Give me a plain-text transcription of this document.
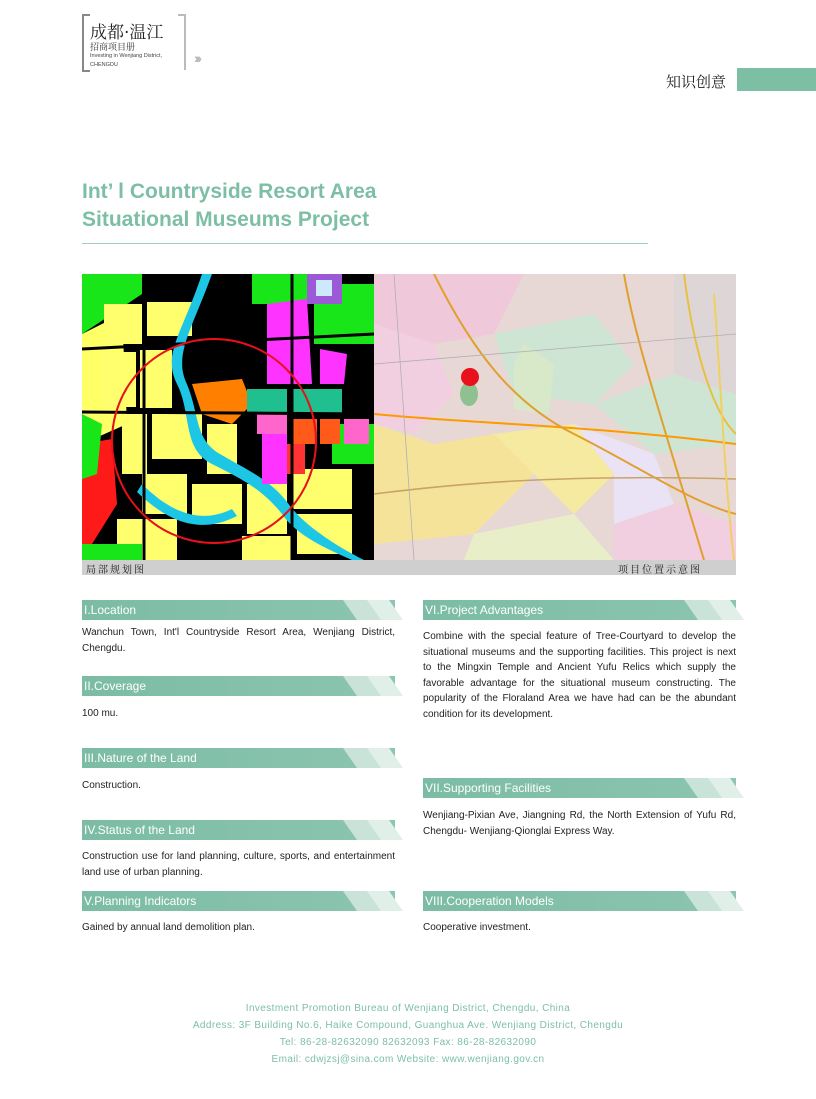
成都·温江
招商项目册
Investing in Wenjiang District,
CHENGDU	›››
知识创意
Int’ l Countryside Resort Area
Situational Museums Project
局部规划图	项目位置示意图
I.Location
Wanchun Town, Int'l Countryside Resort Area, Wenjiang District, Chengdu.
II.Coverage
100 mu.
III.Nature of the Land
Construction.
IV.Status of the Land
Construction use for land planning, culture, sports, and entertainment land use of urban planning.
V.Planning Indicators
Gained by annual land demolition plan.
VI.Project Advantages
Combine with the special feature of Tree-Courtyard to develop the situational museums and the supporting facilities. This project is next to the Mingxin Temple and Ancient Yufu Relics which supply the favorable advantage for the situational museum constructing. The popularity of the Floraland Area we have had can be the abundant condition for its development.
VII.Supporting Facilities
Wenjiang-Pixian Ave, Jiangning Rd, the North Extension of Yufu Rd, Chengdu- Wenjiang-Qionglai Express Way.
VIII.Cooperation Models
Cooperative investment.
Investment Promotion Bureau of Wenjiang District, Chengdu, China
Address: 3F Building No.6, Haike Compound, Guanghua Ave. Wenjiang District, Chengdu
Tel: 86-28-82632090 82632093 Fax: 86-28-82632090
Email: cdwjzsj@sina.com Website: www.wenjiang.gov.cn
